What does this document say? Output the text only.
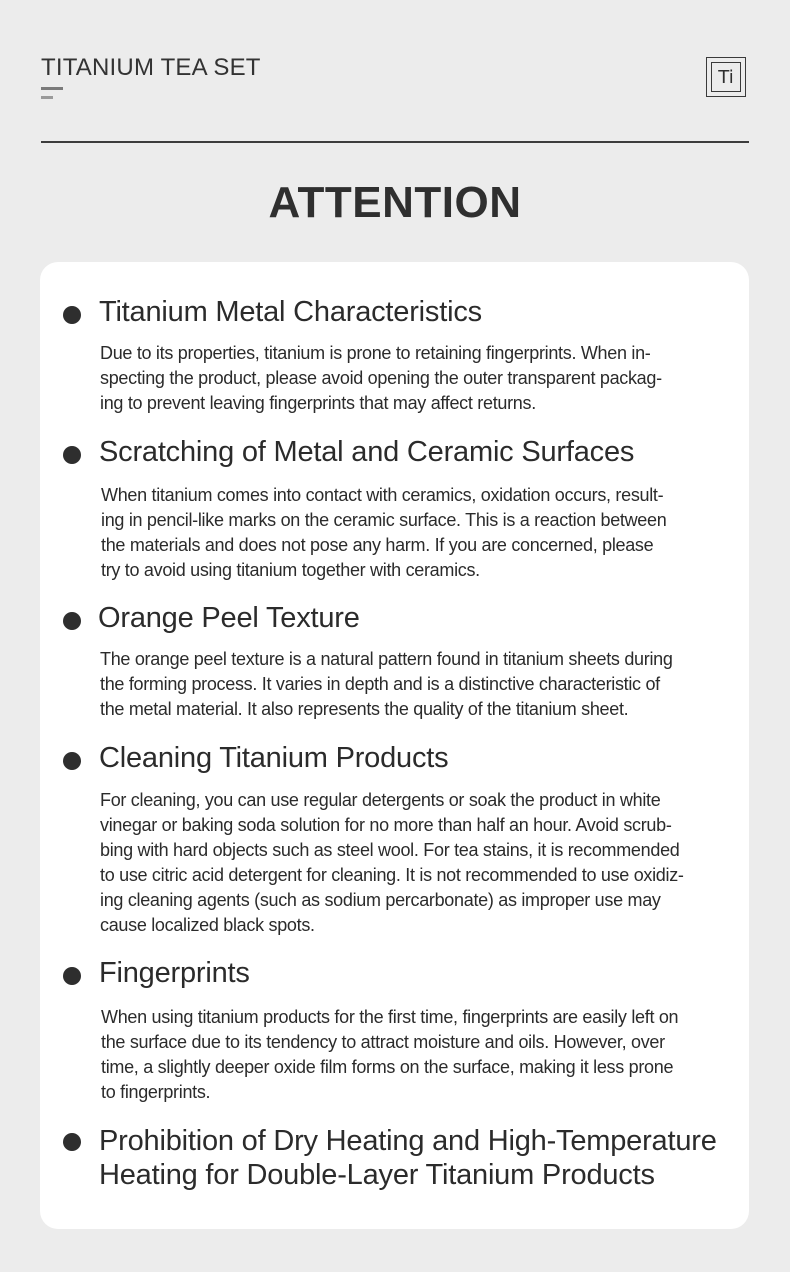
TITANIUM TEA SET	Ti
ATTENTION
Titanium Metal Characteristics
Due to its properties, titanium is prone to retaining fingerprints. When in-
specting the product, please avoid opening the outer transparent packag-
ing to prevent leaving fingerprints that may affect returns.
Scratching of Metal and Ceramic Surfaces
When titanium comes into contact with ceramics, oxidation occurs, result-
ing in pencil-like marks on the ceramic surface. This is a reaction between
the materials and does not pose any harm. If you are concerned, please
try to avoid using titanium together with ceramics.
Orange Peel Texture
The orange peel texture is a natural pattern found in titanium sheets during
the forming process. It varies in depth and is a distinctive characteristic of
the metal material. It also represents the quality of the titanium sheet.
Cleaning Titanium Products
For cleaning, you can use regular detergents or soak the product in white
vinegar or baking soda solution for no more than half an hour. Avoid scrub-
bing with hard objects such as steel wool. For tea stains, it is recommended
to use citric acid detergent for cleaning. It is not recommended to use oxidiz-
ing cleaning agents (such as sodium percarbonate) as improper use may
cause localized black spots.
Fingerprints
When using titanium products for the first time, fingerprints are easily left on
the surface due to its tendency to attract moisture and oils. However, over
time, a slightly deeper oxide film forms on the surface, making it less prone
to fingerprints.
Prohibition of Dry Heating and High-Temperature Heating for Double-Layer Titanium Products
